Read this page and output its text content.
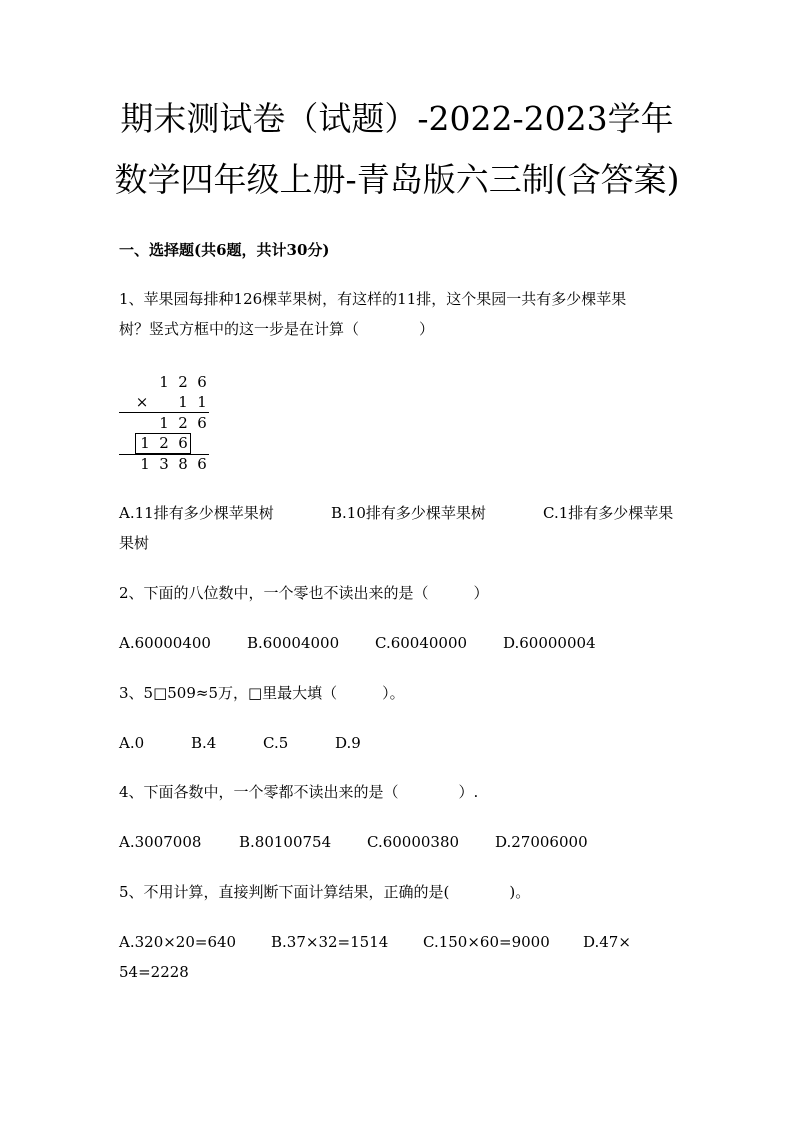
期末测试卷（试题）-2022-2023学年
数学四年级上册-青岛版六三制(含答案)
一、选择题(共6题，共计30分)
1、苹果园每排种126棵苹果树，有这样的11排，这个果园一共有多少棵苹果
树？竖式方框中的这一步是在计算（　　　　）
1 2 6
× 1 1
1 2 6
1 2 6
1 3 8 6
A.11排有多少棵苹果树	B.10排有多少棵苹果树	C.1排有多少棵苹果
果树
2、下面的八位数中，一个零也不读出来的是（　　　）
A.60000400 B.60004000 C.60040000 D.60000004
3、5□509≈5万，□里最大填（　　　）。
A.0	B.4	C.5	D.9
4、下面各数中，一个零都不读出来的是（　　　　）.
A.3007008	B.80100754 C.60000380 D.27006000
5、不用计算，直接判断下面计算结果，正确的是(　　　　)。
A.320×20=640 B.37×32=1514 C.150×60=9000 D.47×
54=2228
